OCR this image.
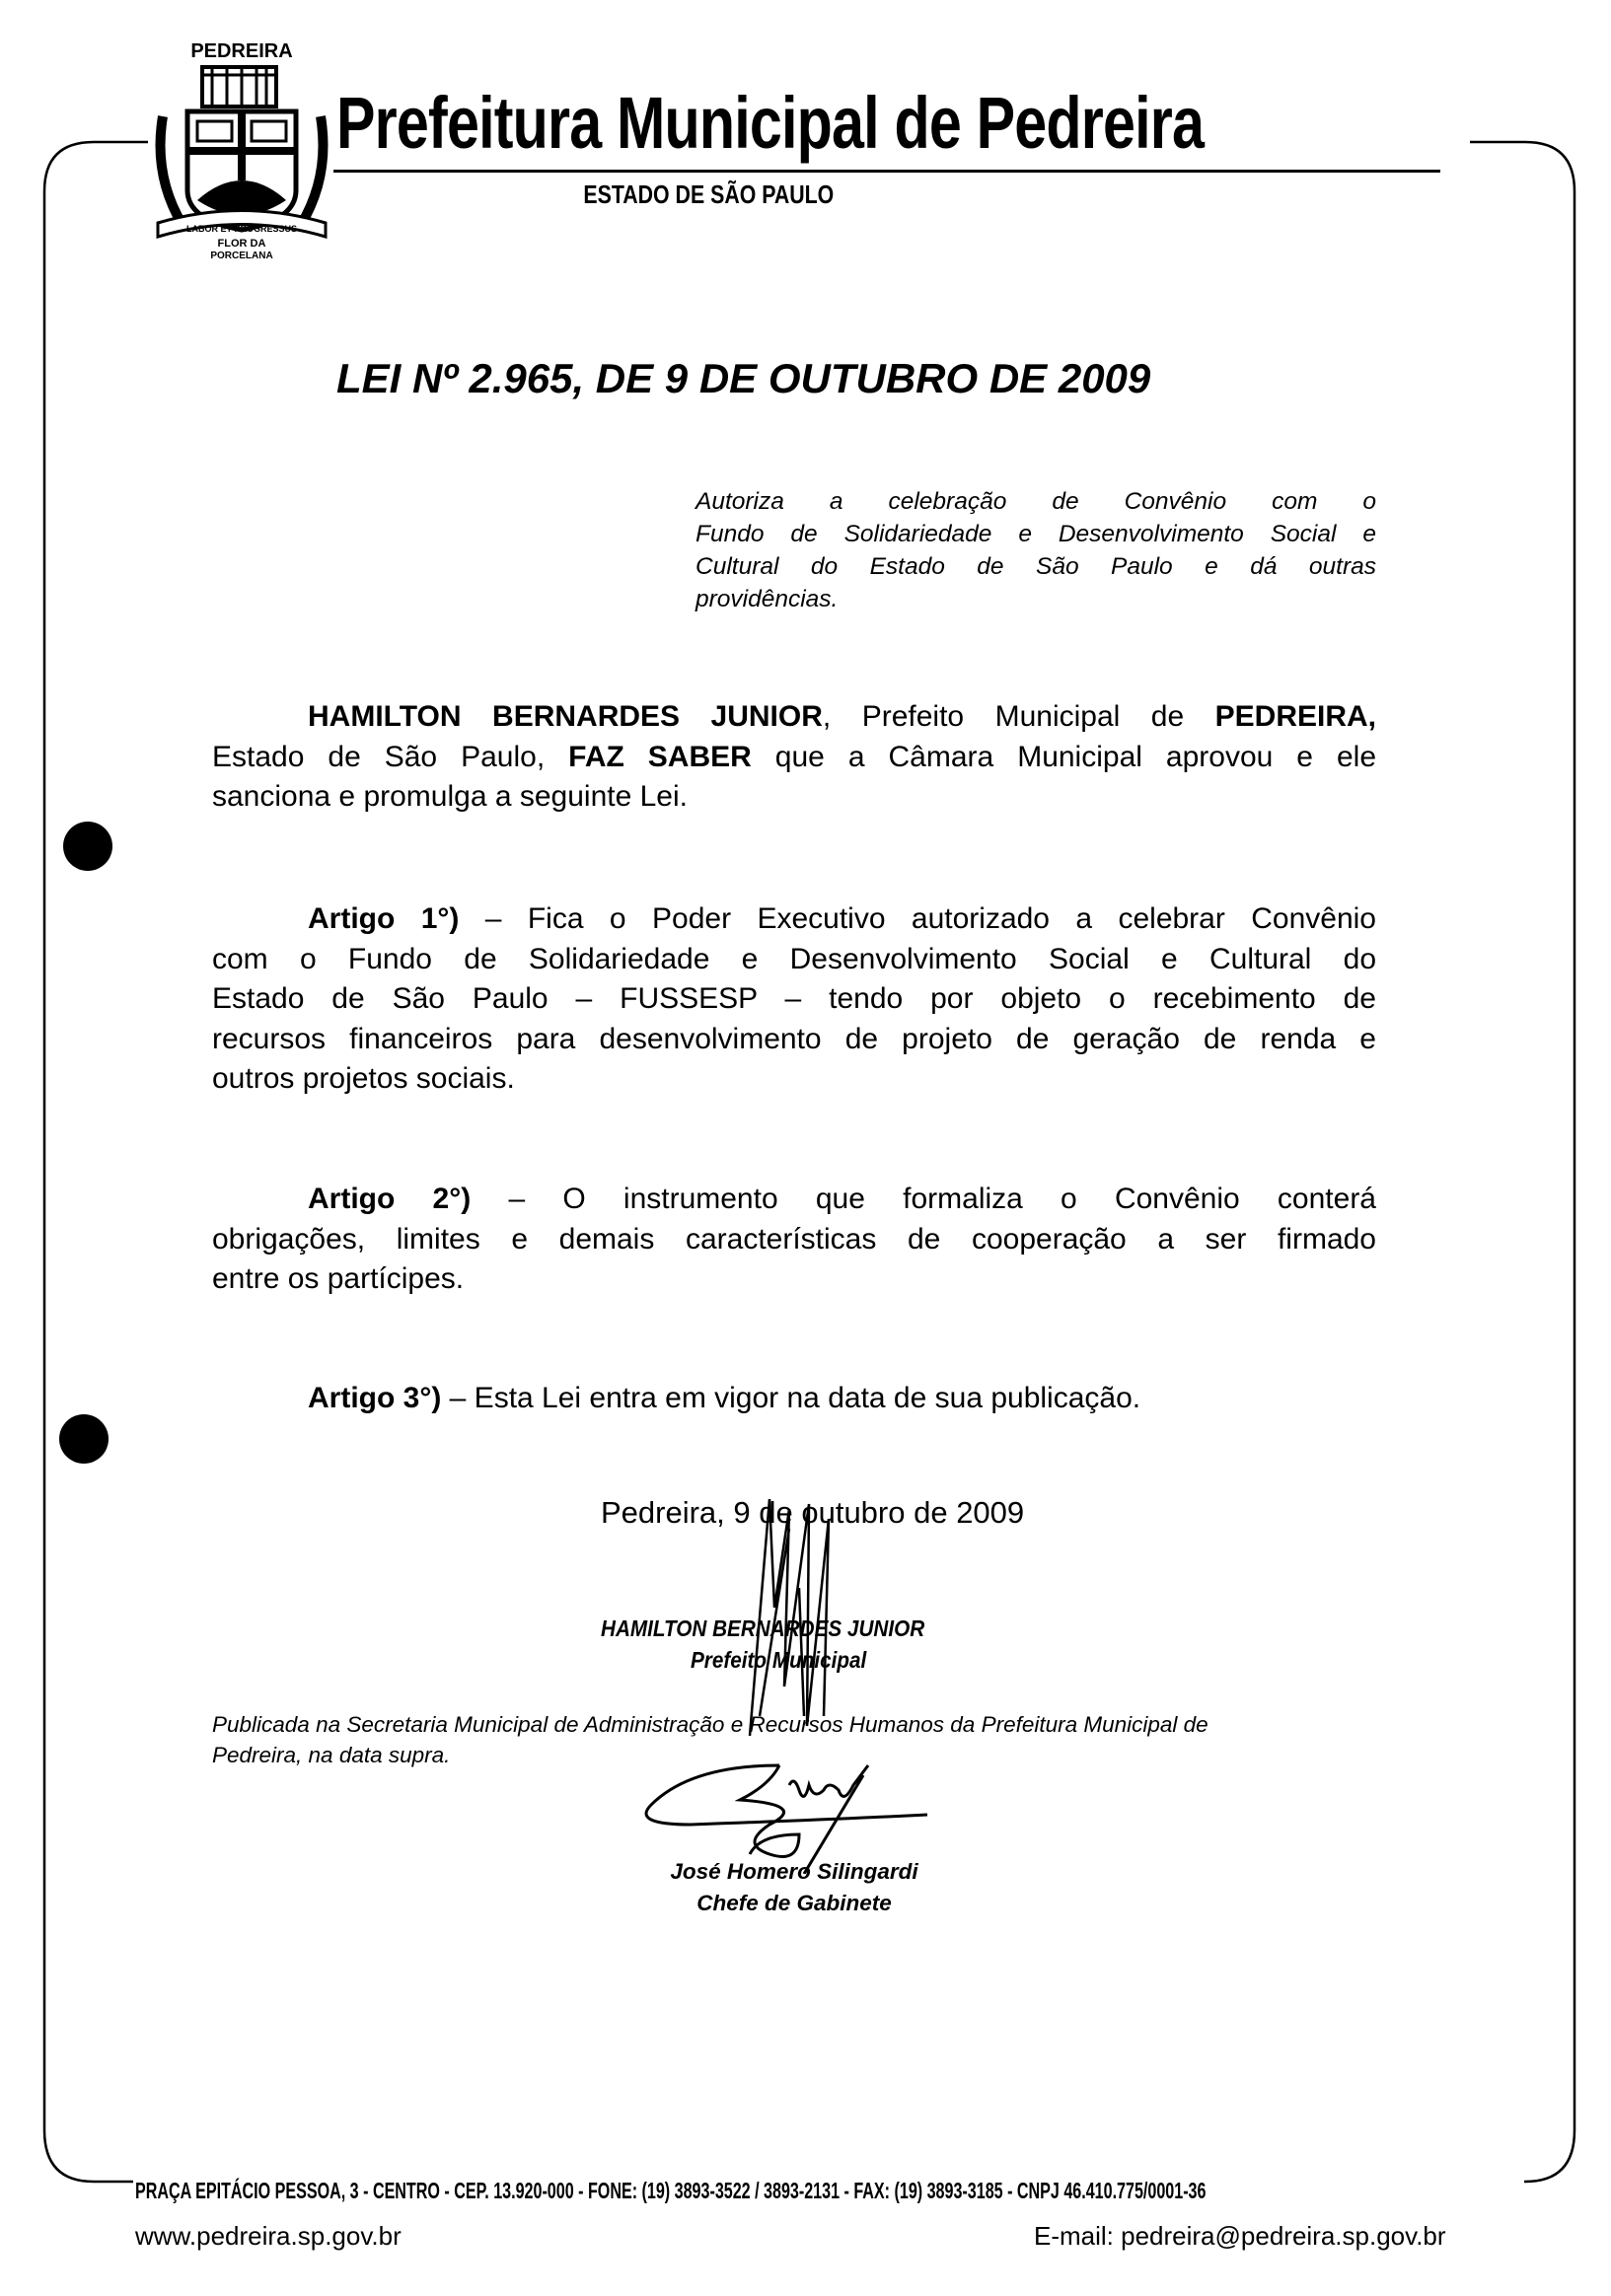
PEDREIRA
LABOR ET PROGRESSUS
FLOR DA
PORCELANA
Prefeitura Municipal de Pedreira
ESTADO DE SÃO PAULO
LEI Nº 2.965, DE 9 DE OUTUBRO DE 2009
Autoriza a celebração de Convênio com o
Fundo de Solidariedade e Desenvolvimento Social e
Cultural do Estado de São Paulo e dá outras
providências.
HAMILTON BERNARDES JUNIOR, Prefeito Municipal de PEDREIRA,
Estado de São Paulo, FAZ SABER que a Câmara Municipal aprovou e ele
sanciona e promulga a seguinte Lei.
Artigo 1°) – Fica o Poder Executivo autorizado a celebrar Convênio
com o Fundo de Solidariedade e Desenvolvimento Social e Cultural do
Estado de São Paulo – FUSSESP – tendo por objeto o recebimento de
recursos financeiros para desenvolvimento de projeto de geração de renda e
outros projetos sociais.
Artigo 2°) – O instrumento que formaliza o Convênio conterá
obrigações, limites e demais características de cooperação a ser firmado
entre os partícipes.
Artigo 3°) – Esta Lei entra em vigor na data de sua publicação.
Pedreira, 9 de outubro de 2009
HAMILTON BERNARDES JUNIOR
Prefeito Municipal
Publicada na Secretaria Municipal de Administração e Recursos Humanos da Prefeitura Municipal de
Pedreira, na data supra.
José Homero Silingardi
Chefe de Gabinete
PRAÇA EPITÁCIO PESSOA, 3 - CENTRO - CEP. 13.920-000 - FONE: (19) 3893-3522 / 3893-2131 - FAX: (19) 3893-3185 - CNPJ 46.410.775/0001-36
www.pedreira.sp.gov.br	E-mail: pedreira@pedreira.sp.gov.br
